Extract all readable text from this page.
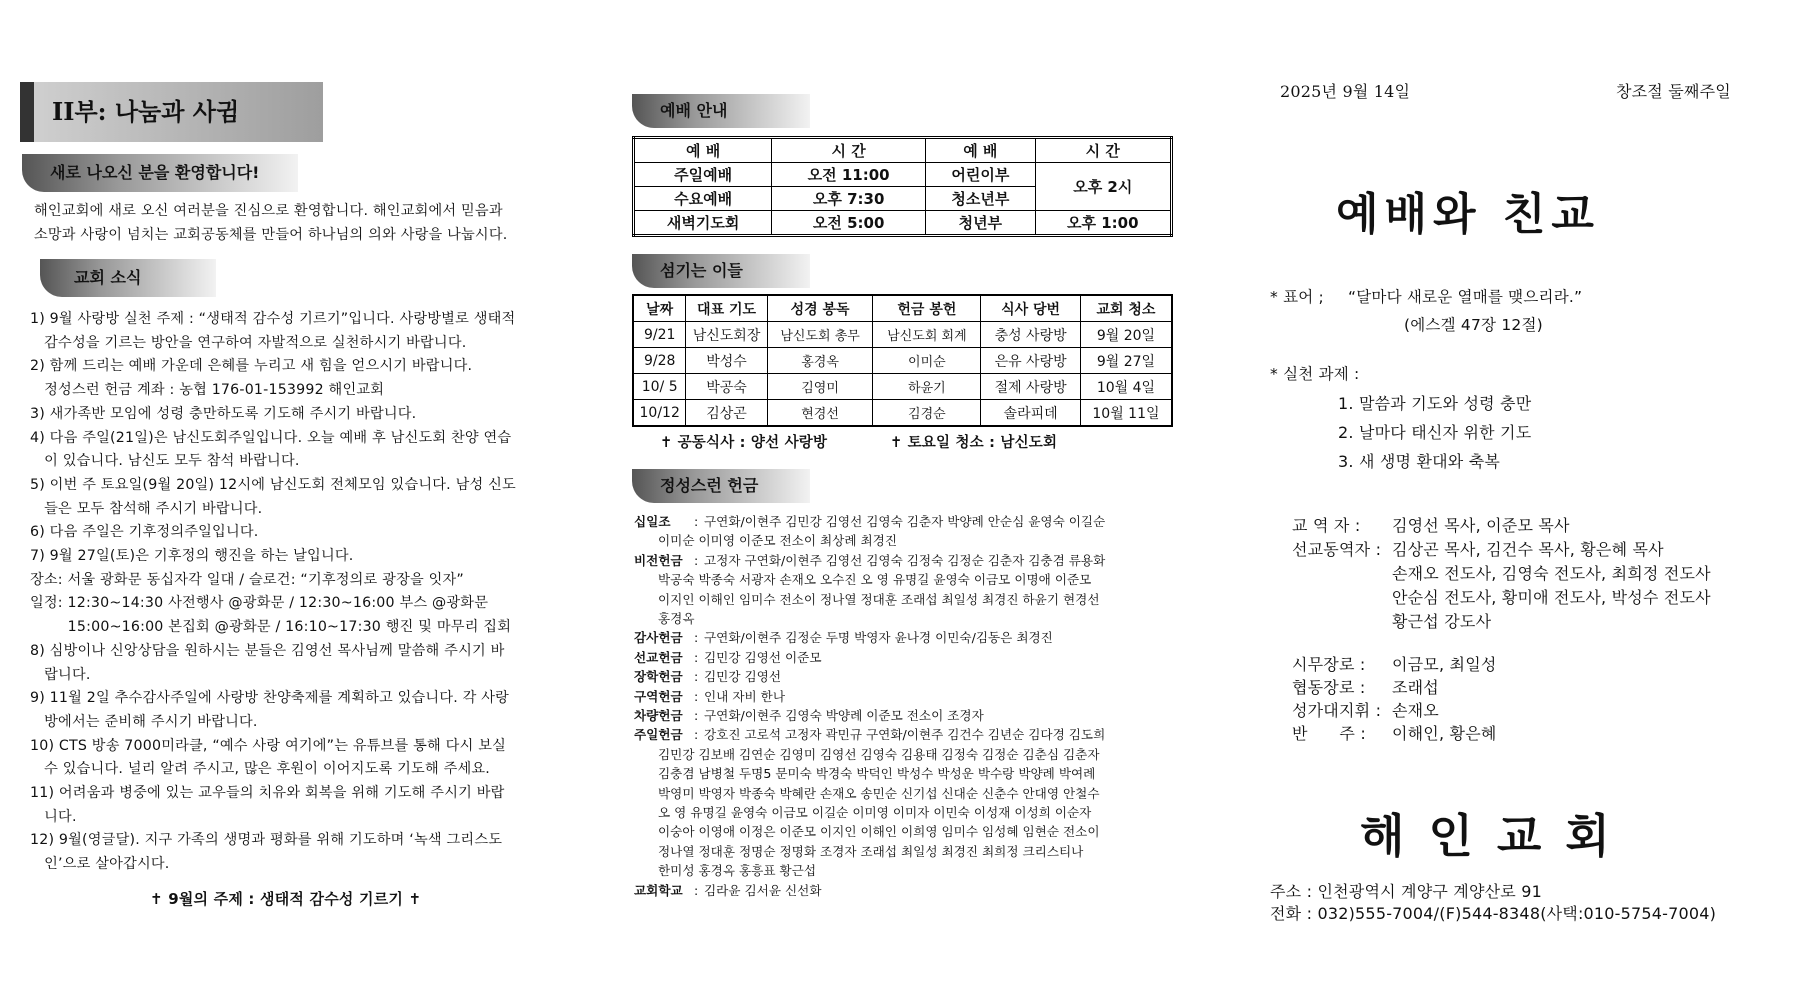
II부: 나눔과 사귐
새로 나오신 분을 환영합니다!
해인교회에 새로 오신 여러분을 진심으로 환영합니다. 해인교회에서 믿음과
소망과 사랑이 넘치는 교회공동체를 만들어 하나님의 의와 사랑을 나눕시다.
교회 소식
1) 9월 사랑방 실천 주제 : “생태적 감수성 기르기”입니다. 사랑방별로 생태적
감수성을 기르는 방안을 연구하여 자발적으로 실천하시기 바랍니다.
2) 함께 드리는 예배 가운데 은혜를 누리고 새 힘을 얻으시기 바랍니다.
정성스런 헌금 계좌 : 농협 176-01-153992 해인교회
3) 새가족반 모임에 성령 충만하도록 기도해 주시기 바랍니다.
4) 다음 주일(21일)은 남신도회주일입니다. 오늘 예배 후 남신도회 찬양 연습
이 있습니다. 남신도 모두 참석 바랍니다.
5) 이번 주 토요일(9월 20일) 12시에 남신도회 전체모임 있습니다. 남성 신도
들은 모두 참석해 주시기 바랍니다.
6) 다음 주일은 기후정의주일입니다.
7) 9월 27일(토)은 기후정의 행진을 하는 날입니다.
장소: 서울 광화문 동십자각 일대 / 슬로건: “기후정의로 광장을 잇자”
일정: 12:30~14:30 사전행사 @광화문 / 12:30~16:00 부스 @광화문
15:00~16:00 본집회 @광화문 / 16:10~17:30 행진 및 마무리 집회
8) 심방이나 신앙상담을 원하시는 분들은 김영선 목사님께 말씀해 주시기 바
랍니다.
9) 11월 2일 추수감사주일에 사랑방 찬양축제를 계획하고 있습니다. 각 사랑
방에서는 준비해 주시기 바랍니다.
10) CTS 방송 7000미라클, “예수 사랑 여기에”는 유튜브를 통해 다시 보실
수 있습니다. 널리 알려 주시고, 많은 후원이 이어지도록 기도해 주세요.
11) 어려움과 병중에 있는 교우들의 치유와 회복을 위해 기도해 주시기 바랍
니다.
12) 9월(영글달). 지구 가족의 생명과 평화를 위해 기도하며 ‘녹색 그리스도
인’으로 살아갑시다.
✝ 9월의 주제 : 생태적 감수성 기르기 ✝
예배 안내
예 배	시 간	예 배	시 간
주일예배	오전 11:00	어린이부	오후 2시
수요예배	오후 7:30	청소년부	
새벽기도회	오전 5:00	청년부	오후 1:00
섬기는 이들
날짜	대표 기도	성경 봉독	헌금 봉헌	식사 당번	교회 청소
9/21	남신도회장	남신도회 총무	남신도회 회계	충성 사랑방	9월 20일
9/28	박성수	홍경옥	이미순	은유 사랑방	9월 27일
10/ 5	박공숙	김영미	하윤기	절제 사랑방	10월 4일
10/12	김상곤	현경선	김경순	솔라피데	10월 11일
✝ 공동식사 : 양선 사랑방	✝ 토요일 청소 : 남신도회
정성스런 헌금
십일조 : 구연화/이현주 김민강 김영선 김영숙 김춘자 박양례 안순심 윤영숙 이길순
이미순 이미영 이준모 전소이 최상례 최경진
비전헌금 : 고정자 구연화/이현주 김영선 김영숙 김정숙 김정순 김춘자 김충겸 류용화
박공숙 박종숙 서광자 손재오 오수진 오 영 유명길 윤영숙 이금모 이명애 이준모
이지인 이해인 임미수 전소이 정나열 정대훈 조래섭 최일성 최경진 하윤기 현경선
홍경옥
감사헌금 : 구연화/이현주 김정순 두명 박영자 윤나경 이민숙/김동은 최경진
선교헌금 : 김민강 김영선 이준모
장학헌금 : 김민강 김영선
구역헌금 : 인내 자비 한나
차량헌금 : 구연화/이현주 김영숙 박양례 이준모 전소이 조경자
주일헌금 : 강호진 고로석 고정자 곽민규 구연화/이현주 김건수 김년순 김다경 김도희
김민강 김보배 김연순 김영미 김영선 김영숙 김용태 김정숙 김정순 김춘심 김춘자
김충겸 남병철 두명5 문미숙 박경숙 박덕인 박성수 박성운 박수랑 박양례 박여례
박영미 박영자 박종숙 박혜란 손재오 송민순 신기섭 신대순 신춘수 안대영 안철수
오 영 유명길 윤영숙 이금모 이길순 이미영 이미자 이민숙 이성재 이성희 이순자
이숭아 이영애 이정은 이준모 이지인 이해인 이희영 임미수 임성혜 임현순 전소이
정나열 정대훈 정명순 정명화 조경자 조래섭 최일성 최경진 최희정 크리스티나
한미성 홍경옥 홍흥표 황근섭
교회학교 : 김라윤 김서윤 신선화
2025년 9월 14일	창조절 둘째주일
예배와 친교
* 표어 ; “달마다 새로운 열매를 맺으리라.”
(에스겔 47장 12절)
* 실천 과제 :
1. 말씀과 기도와 성령 충만
2. 날마다 태신자 위한 기도
3. 새 생명 환대와 축복
교 역 자 : 김영선 목사, 이준모 목사
선교동역자 : 김상곤 목사, 김건수 목사, 황은혜 목사
손재오 전도사, 김영숙 전도사, 최희정 전도사
안순심 전도사, 황미애 전도사, 박성수 전도사
황근섭 강도사
시무장로 : 이금모, 최일성
협동장로 : 조래섭
성가대지휘 : 손재오
반      주 : 이해인, 황은혜
해 인 교 회
주소 : 인천광역시 계양구 계양산로 91
전화 : 032)555-7004/(F)544-8348(사택:010-5754-7004)
